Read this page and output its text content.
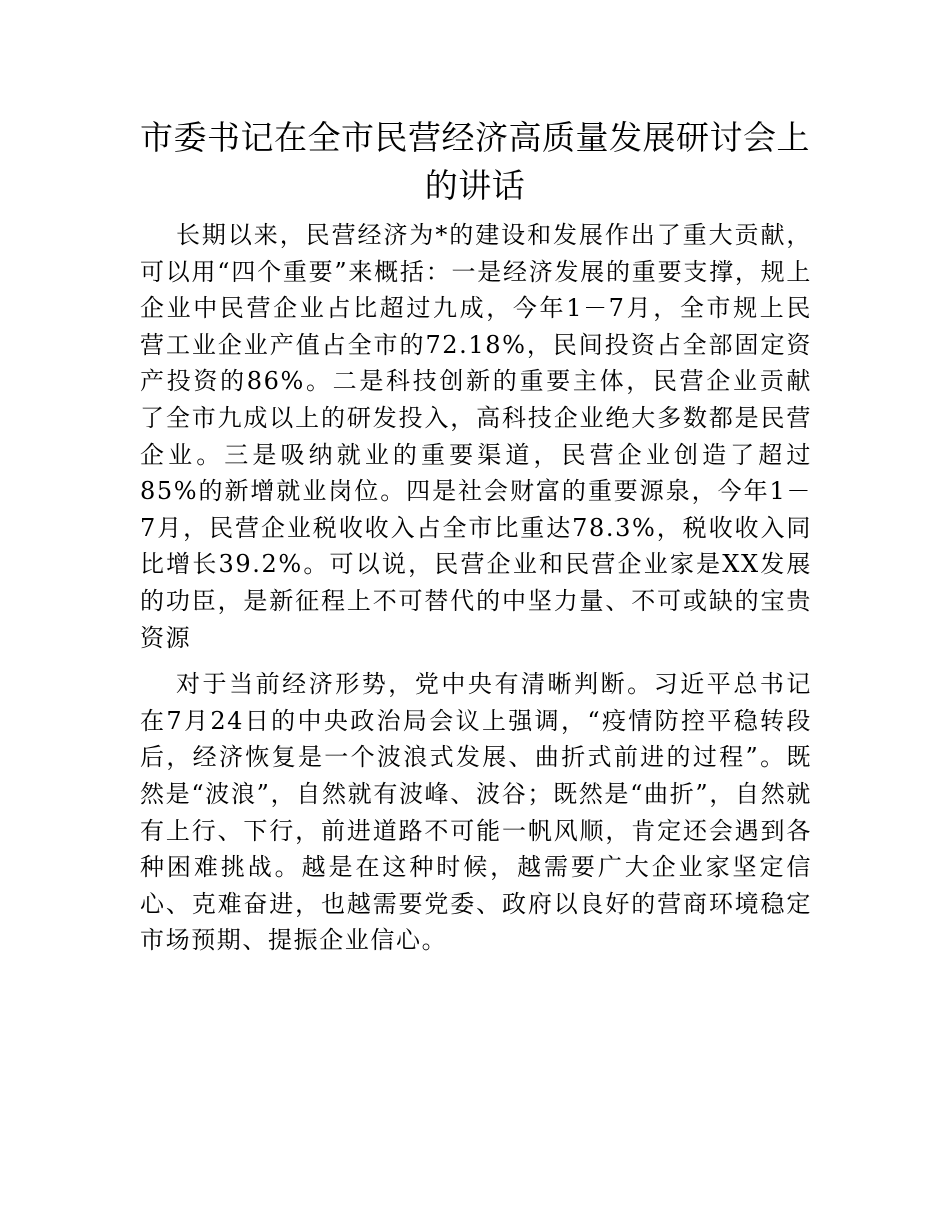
市委书记在全市民营经济高质量发展研讨会上的讲话

长期以来，民营经济为*的建设和发展作出了重大贡献，可以用“四个重要”来概括：一是经济发展的重要支撑，规上企业中民营企业占比超过九成，今年1－7月，全市规上民营工业企业产值占全市的72.18%，民间投资占全部固定资产投资的86%。二是科技创新的重要主体，民营企业贡献了全市九成以上的研发投入，高科技企业绝大多数都是民营企业。三是吸纳就业的重要渠道，民营企业创造了超过85%的新增就业岗位。四是社会财富的重要源泉，今年1－7月，民营企业税收收入占全市比重达78.3%，税收收入同比增长39.2%。可以说，民营企业和民营企业家是XX发展的功臣，是新征程上不可替代的中坚力量、不可或缺的宝贵资源

对于当前经济形势，党中央有清晰判断。习近平总书记在7月24日的中央政治局会议上强调，“疫情防控平稳转段后，经济恢复是一个波浪式发展、曲折式前进的过程”。既然是“波浪”，自然就有波峰、波谷；既然是“曲折”，自然就有上行、下行，前进道路不可能一帆风顺，肯定还会遇到各种困难挑战。越是在这种时候，越需要广大企业家坚定信心、克难奋进，也越需要党委、政府以良好的营商环境稳定市场预期、提振企业信心。
